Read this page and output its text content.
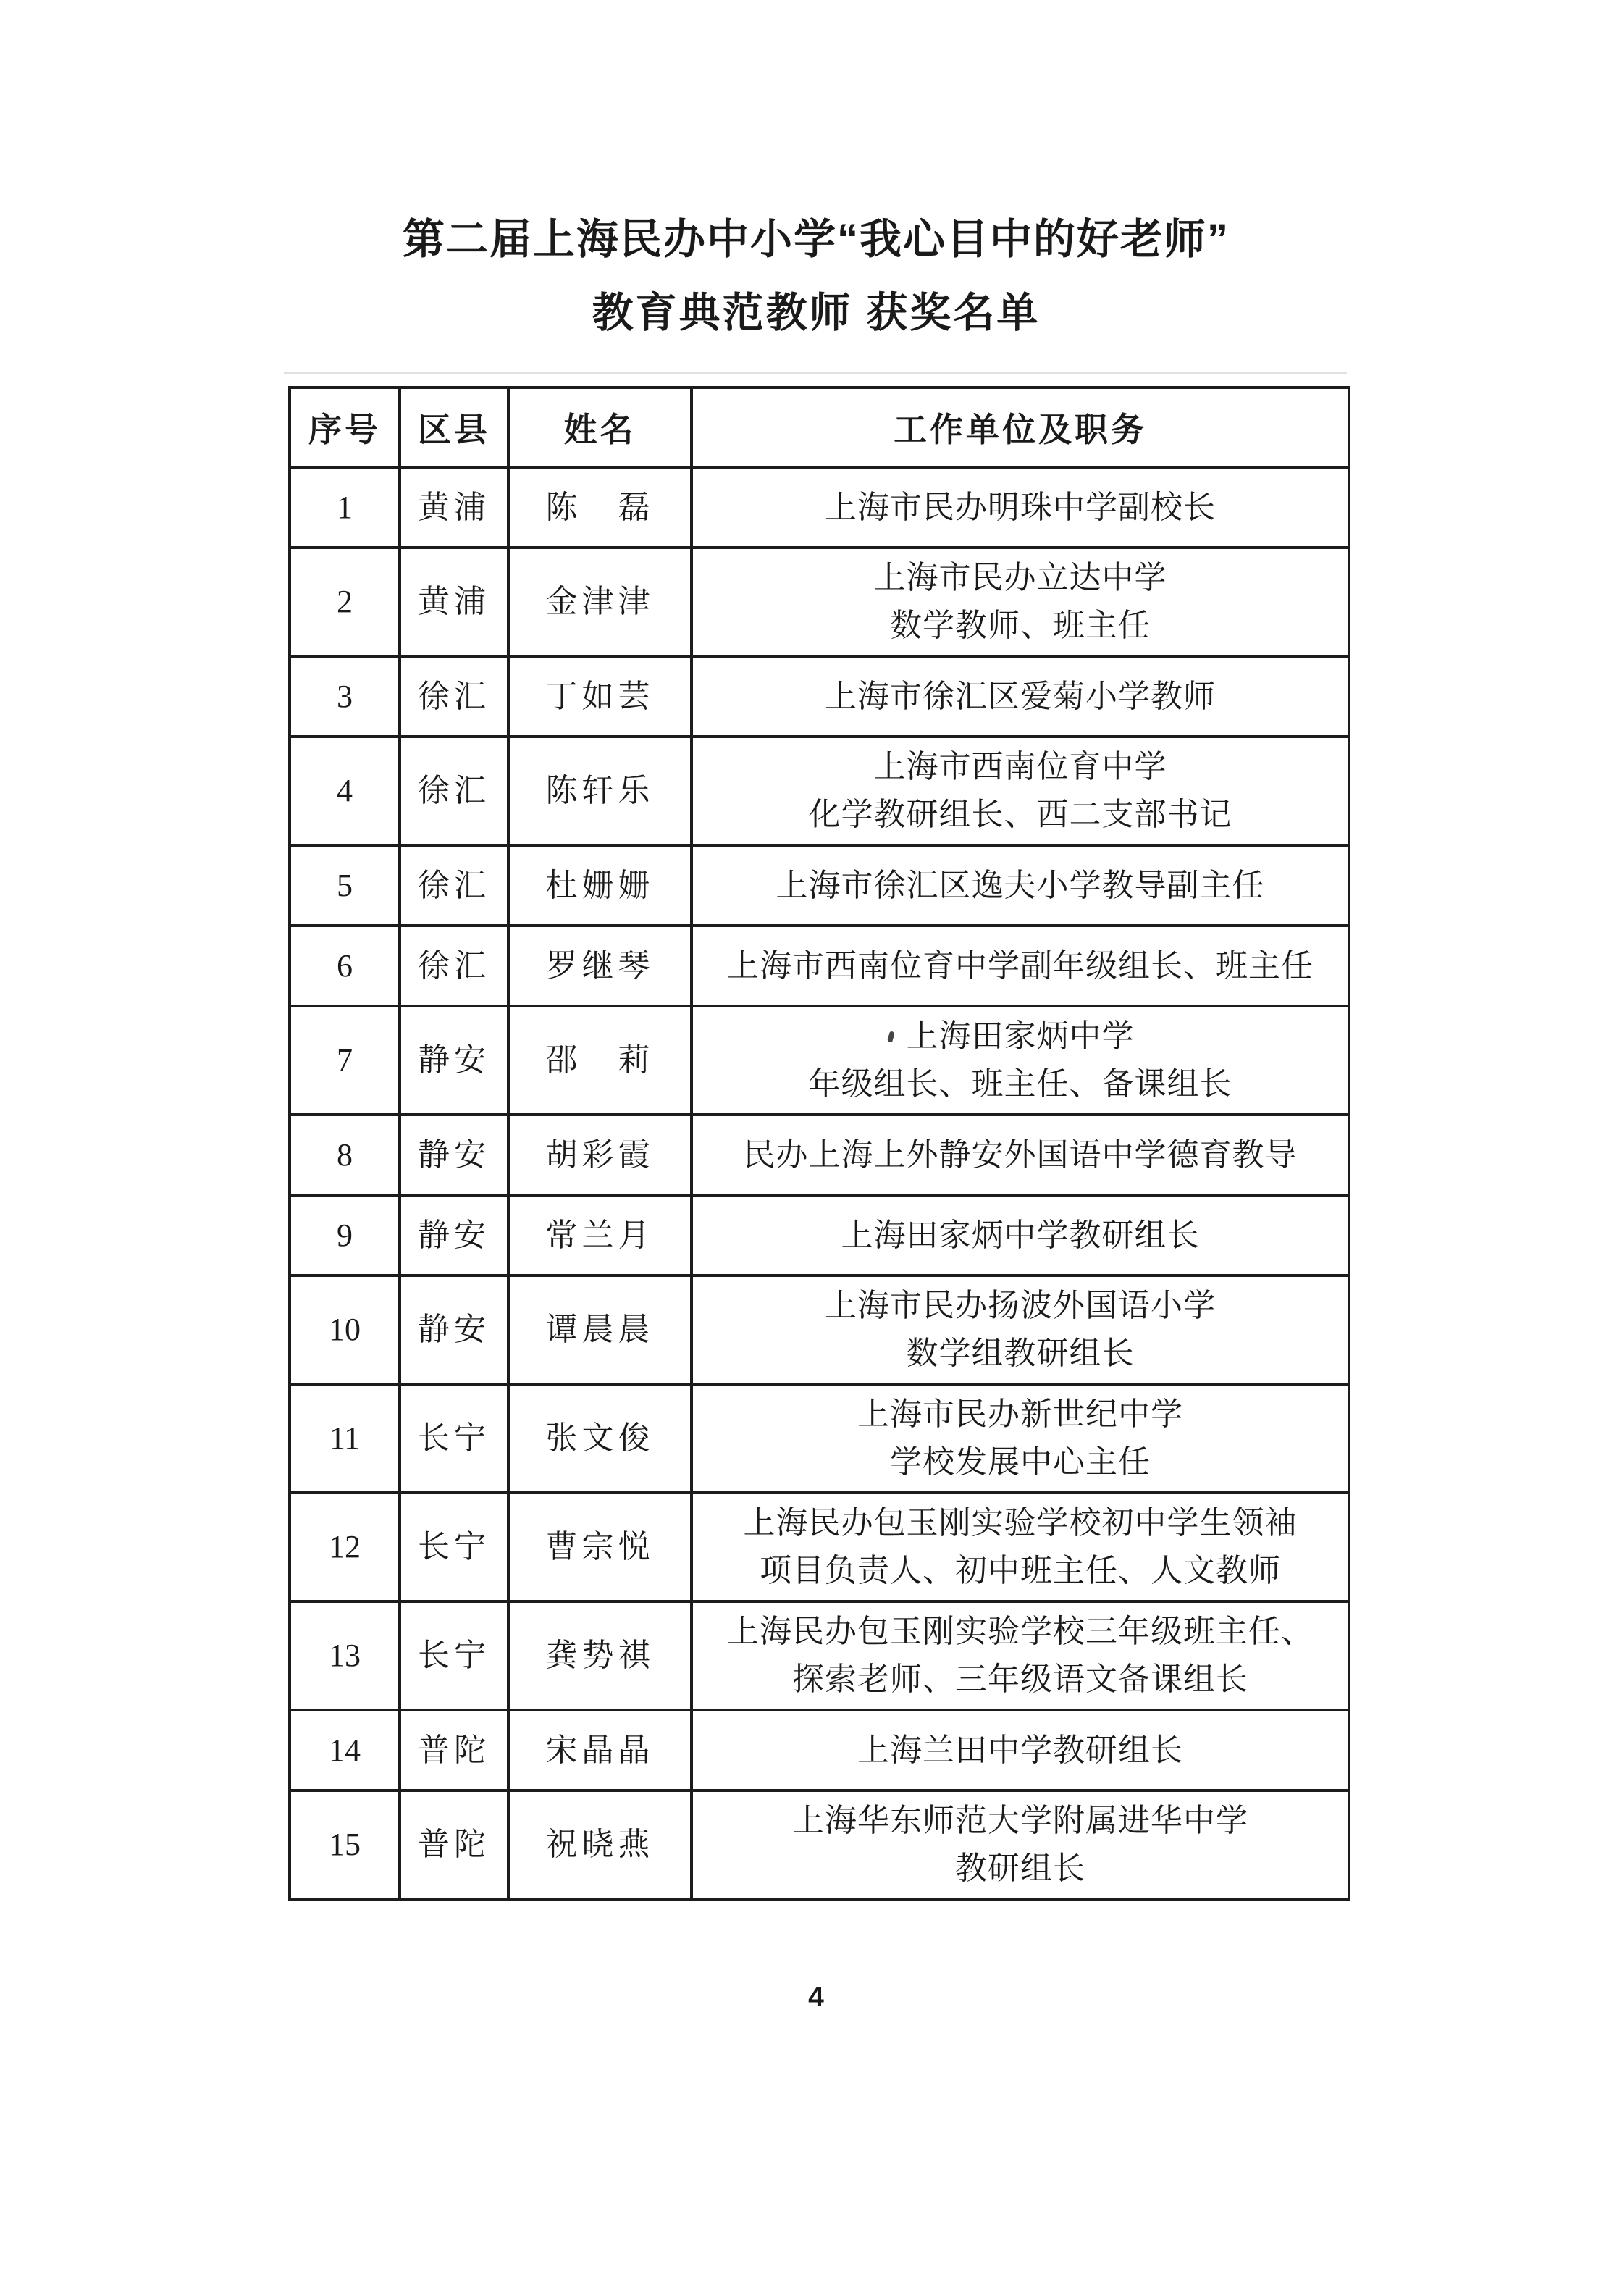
第二届上海民办中小学“我心目中的好老师”
教育典范教师 获奖名单
序号	区县	姓名	工作单位及职务
1	黄浦	陈　磊	上海市民办明珠中学副校长

2	黄浦	金津津	上海市民办立达中学
数学教师、班主任

3	徐汇	丁如芸	上海市徐汇区爱菊小学教师

4	徐汇	陈轩乐	上海市西南位育中学
化学教研组长、西二支部书记

5	徐汇	杜姗姗	上海市徐汇区逸夫小学教导副主任

6	徐汇	罗继琴	上海市西南位育中学副年级组长、班主任

7	静安	邵　莉	上海田家炳中学
年级组长、班主任、备课组长

8	静安	胡彩霞	民办上海上外静安外国语中学德育教导

9	静安	常兰月	上海田家炳中学教研组长

10	静安	谭晨晨	上海市民办扬波外国语小学
数学组教研组长

11	长宁	张文俊	上海市民办新世纪中学
学校发展中心主任

12	长宁	曹宗悦	上海民办包玉刚实验学校初中学生领袖
项目负责人、初中班主任、人文教师

13	长宁	龚势祺	上海民办包玉刚实验学校三年级班主任、
探索老师、三年级语文备课组长

14	普陀	宋晶晶	上海兰田中学教研组长

15	普陀	祝晓燕	上海华东师范大学附属进华中学
教研组长
4
